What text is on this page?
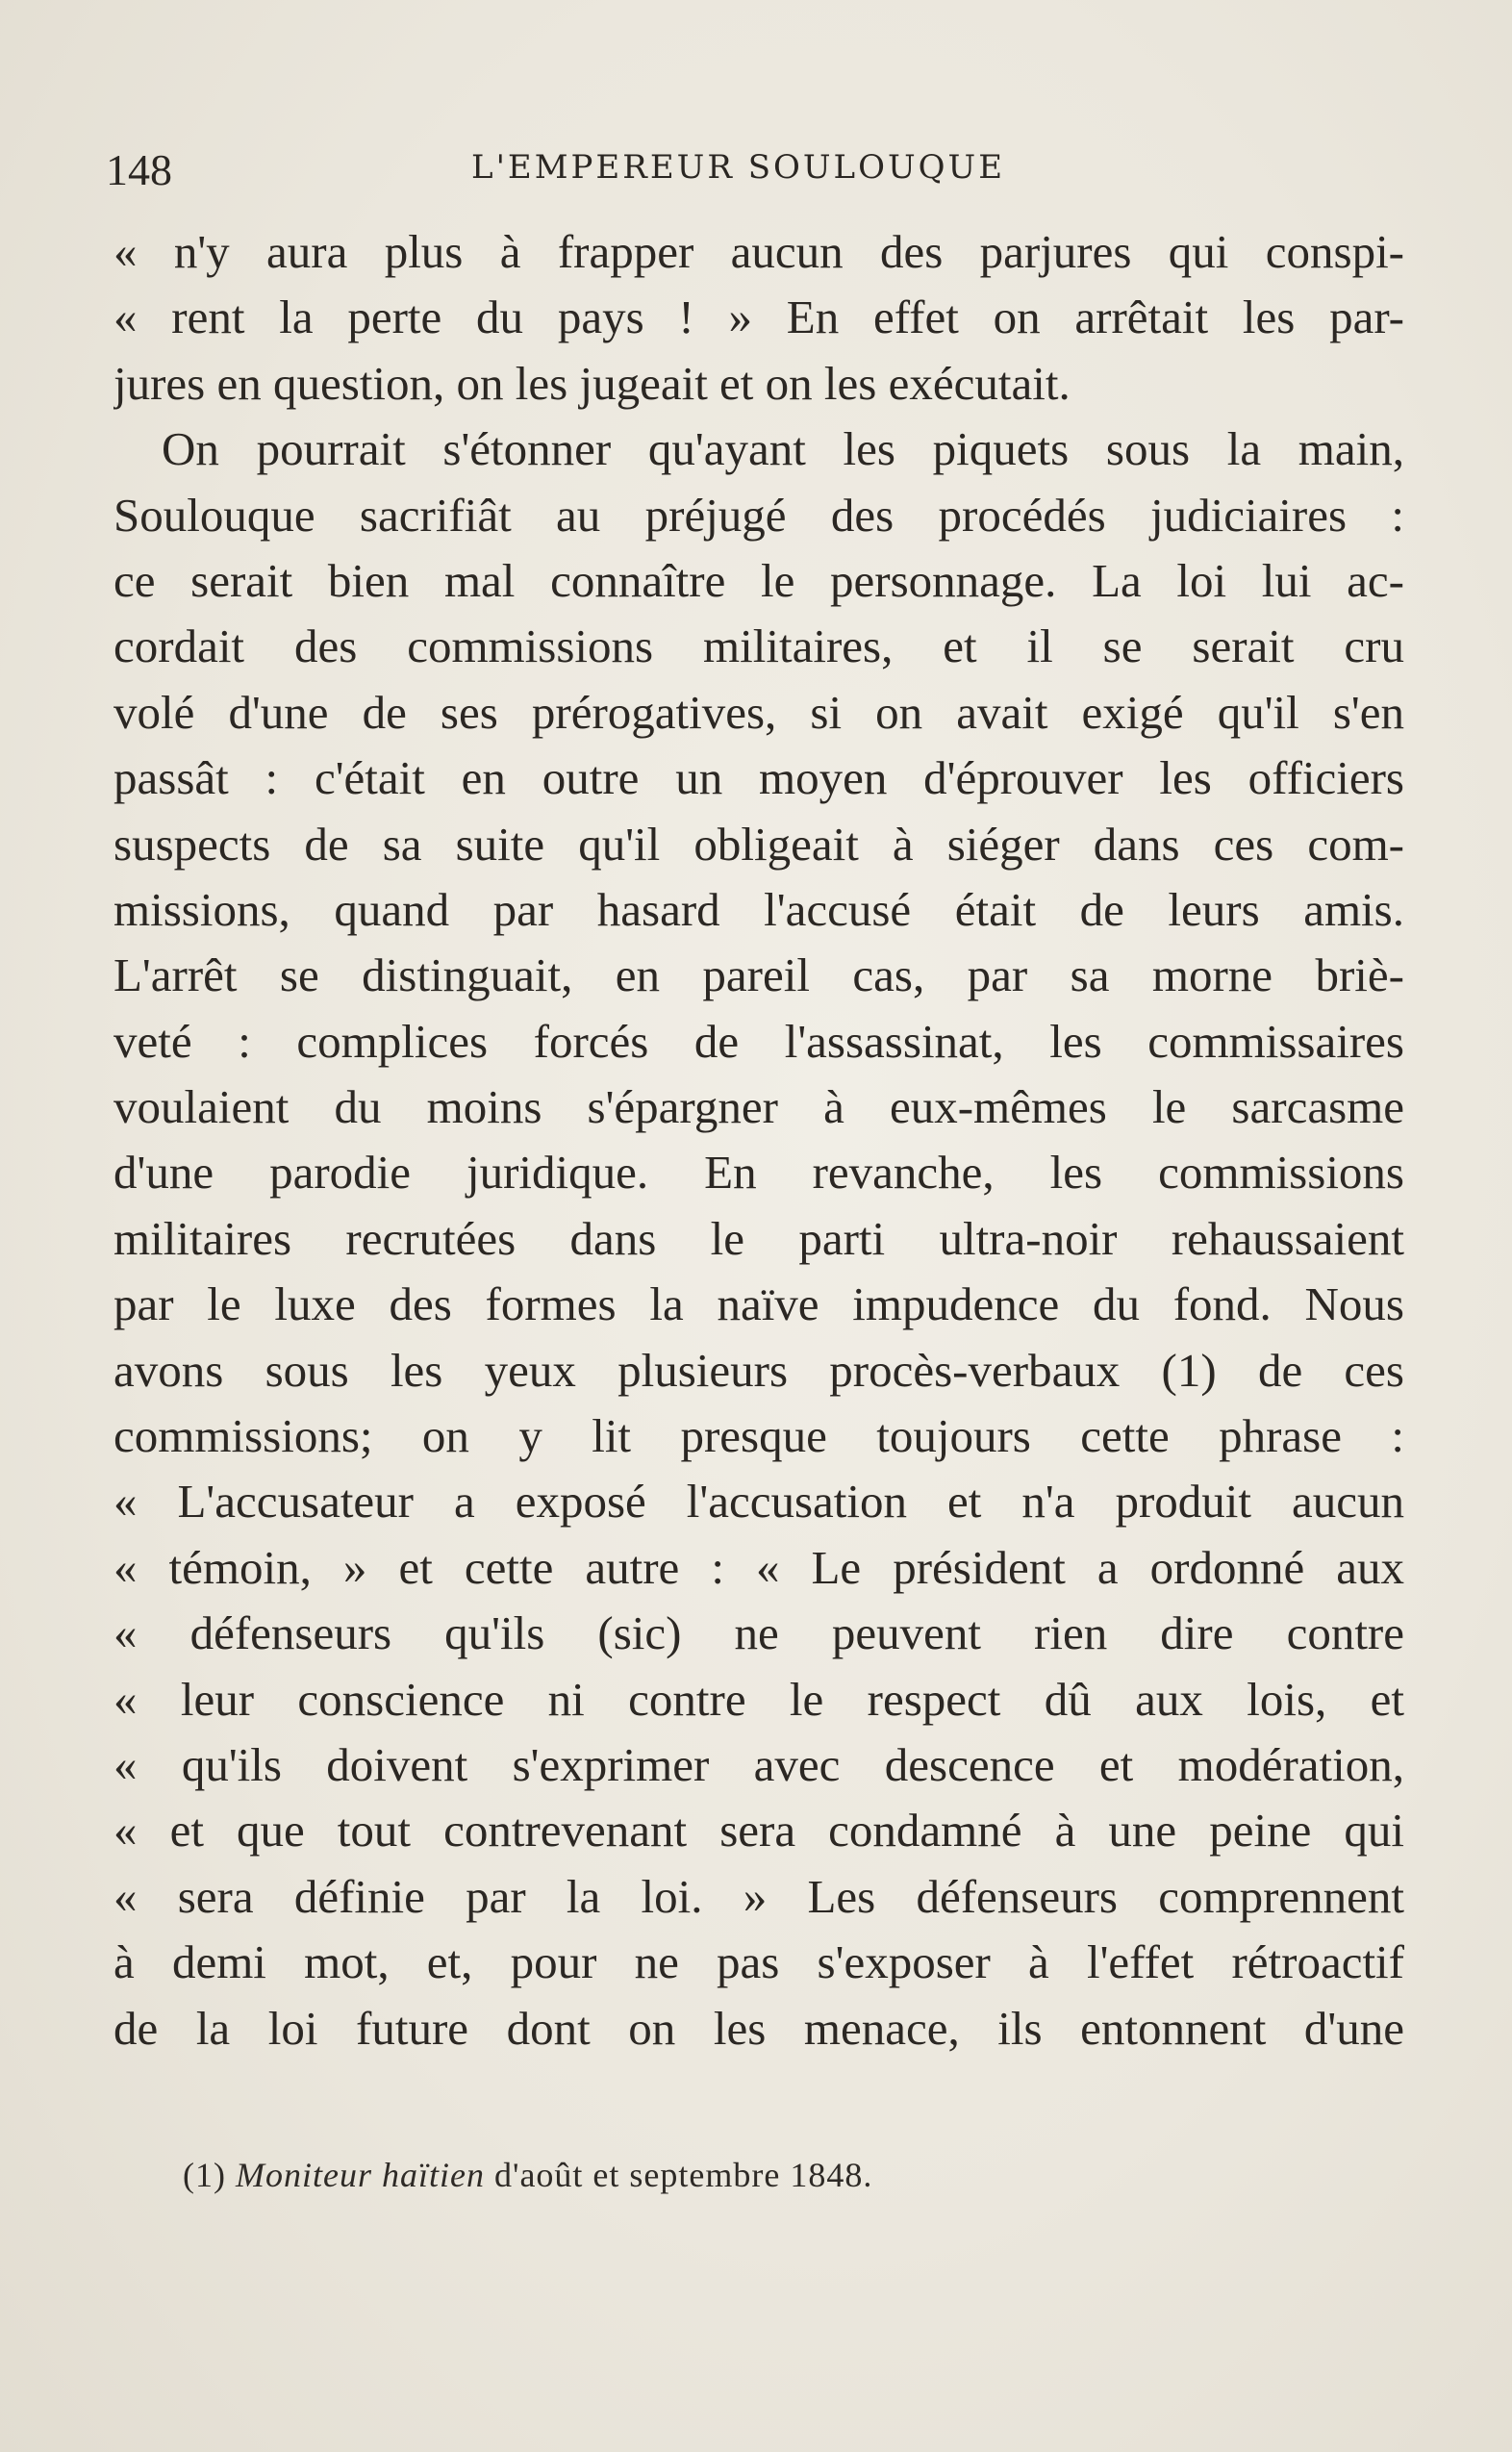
148	L'EMPEREUR SOULOUQUE
« n'y aura plus à frapper aucun des parjures qui conspi-
« rent la perte du pays ! » En effet on arrêtait les par-
jures en question, on les jugeait et on les exécutait.
On pourrait s'étonner qu'ayant les piquets sous la main,
Soulouque sacrifiât au préjugé des procédés judiciaires :
ce serait bien mal connaître le personnage. La loi lui ac-
cordait des commissions militaires, et il se serait cru
volé d'une de ses prérogatives, si on avait exigé qu'il s'en
passât : c'était en outre un moyen d'éprouver les officiers
suspects de sa suite qu'il obligeait à siéger dans ces com-
missions, quand par hasard l'accusé était de leurs amis.
L'arrêt se distinguait, en pareil cas, par sa morne briè-
veté : complices forcés de l'assassinat, les commissaires
voulaient du moins s'épargner à eux-mêmes le sarcasme
d'une parodie juridique. En revanche, les commissions
militaires recrutées dans le parti ultra-noir rehaussaient
par le luxe des formes la naïve impudence du fond. Nous
avons sous les yeux plusieurs procès-verbaux (1) de ces
commissions; on y lit presque toujours cette phrase :
« L'accusateur a exposé l'accusation et n'a produit aucun
« témoin, » et cette autre : « Le président a ordonné aux
« défenseurs qu'ils (sic) ne peuvent rien dire contre
« leur conscience ni contre le respect dû aux lois, et
« qu'ils doivent s'exprimer avec descence et modération,
« et que tout contrevenant sera condamné à une peine qui
« sera définie par la loi. » Les défenseurs comprennent
à demi mot, et, pour ne pas s'exposer à l'effet rétroactif
de la loi future dont on les menace, ils entonnent d'une
(1) Moniteur haïtien d'août et septembre 1848.
